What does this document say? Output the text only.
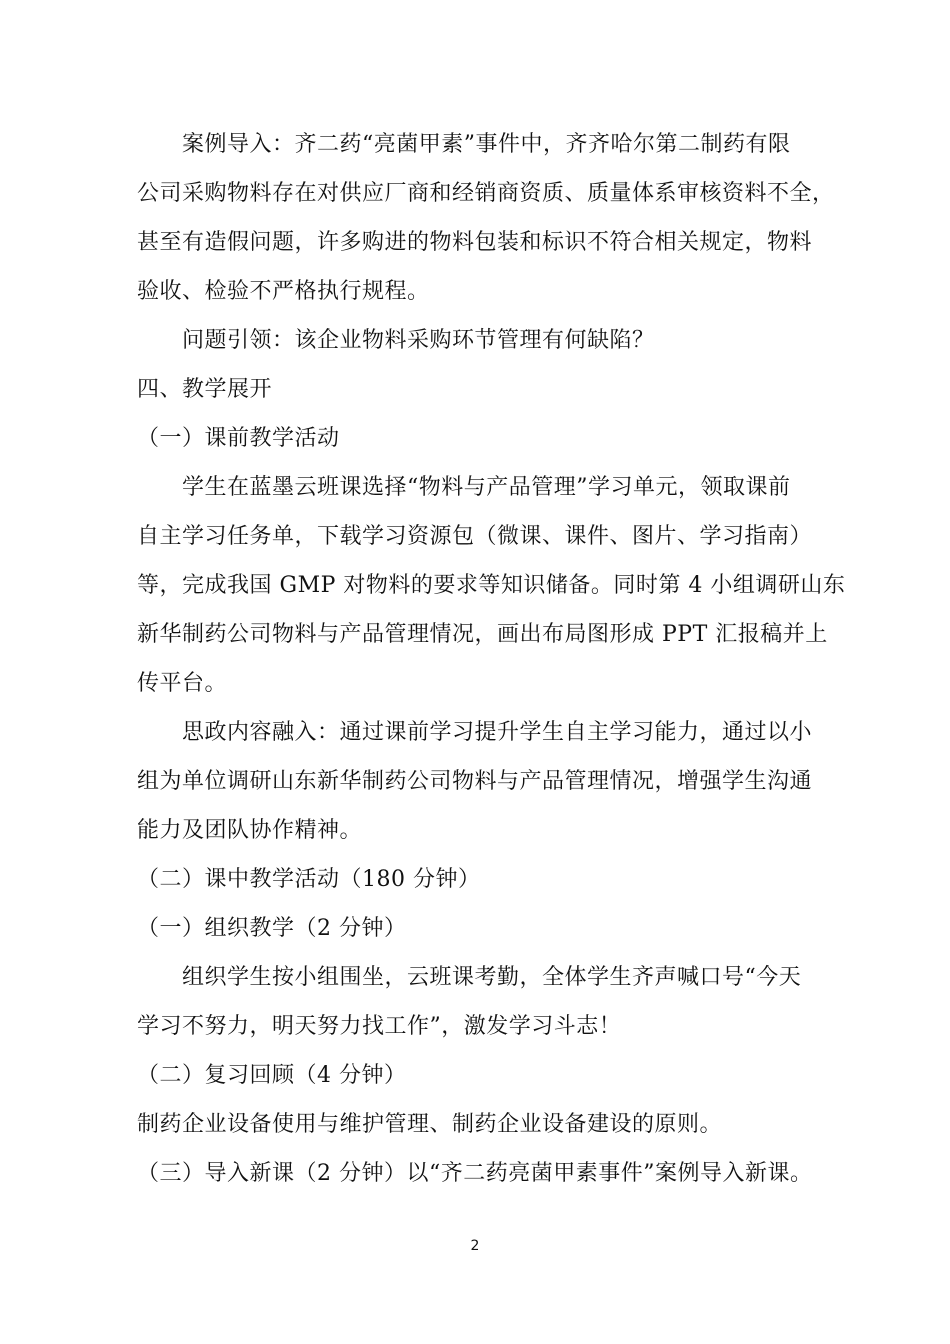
　　案例导入：齐二药“亮菌甲素”事件中，齐齐哈尔第二制药有限
公司采购物料存在对供应厂商和经销商资质、质量体系审核资料不全，
甚至有造假问题，许多购进的物料包装和标识不符合相关规定，物料
验收、检验不严格执行规程。
　　问题引领：该企业物料采购环节管理有何缺陷？
四、教学展开
（一）课前教学活动
　　学生在蓝墨云班课选择“物料与产品管理”学习单元，领取课前
自主学习任务单，下载学习资源包（微课、课件、图片、学习指南）
等，完成我国 GMP 对物料的要求等知识储备。同时第 4 小组调研山东
新华制药公司物料与产品管理情况，画出布局图形成 PPT 汇报稿并上
传平台。
　　思政内容融入：通过课前学习提升学生自主学习能力，通过以小
组为单位调研山东新华制药公司物料与产品管理情况，增强学生沟通
能力及团队协作精神。
（二）课中教学活动（180 分钟）
（一）组织教学（2 分钟）
　　组织学生按小组围坐，云班课考勤，全体学生齐声喊口号“今天
学习不努力，明天努力找工作”，激发学习斗志！
（二）复习回顾（4 分钟）
制药企业设备使用与维护管理、制药企业设备建设的原则。
（三）导入新课（2 分钟）以“齐二药亮菌甲素事件”案例导入新课。
2
